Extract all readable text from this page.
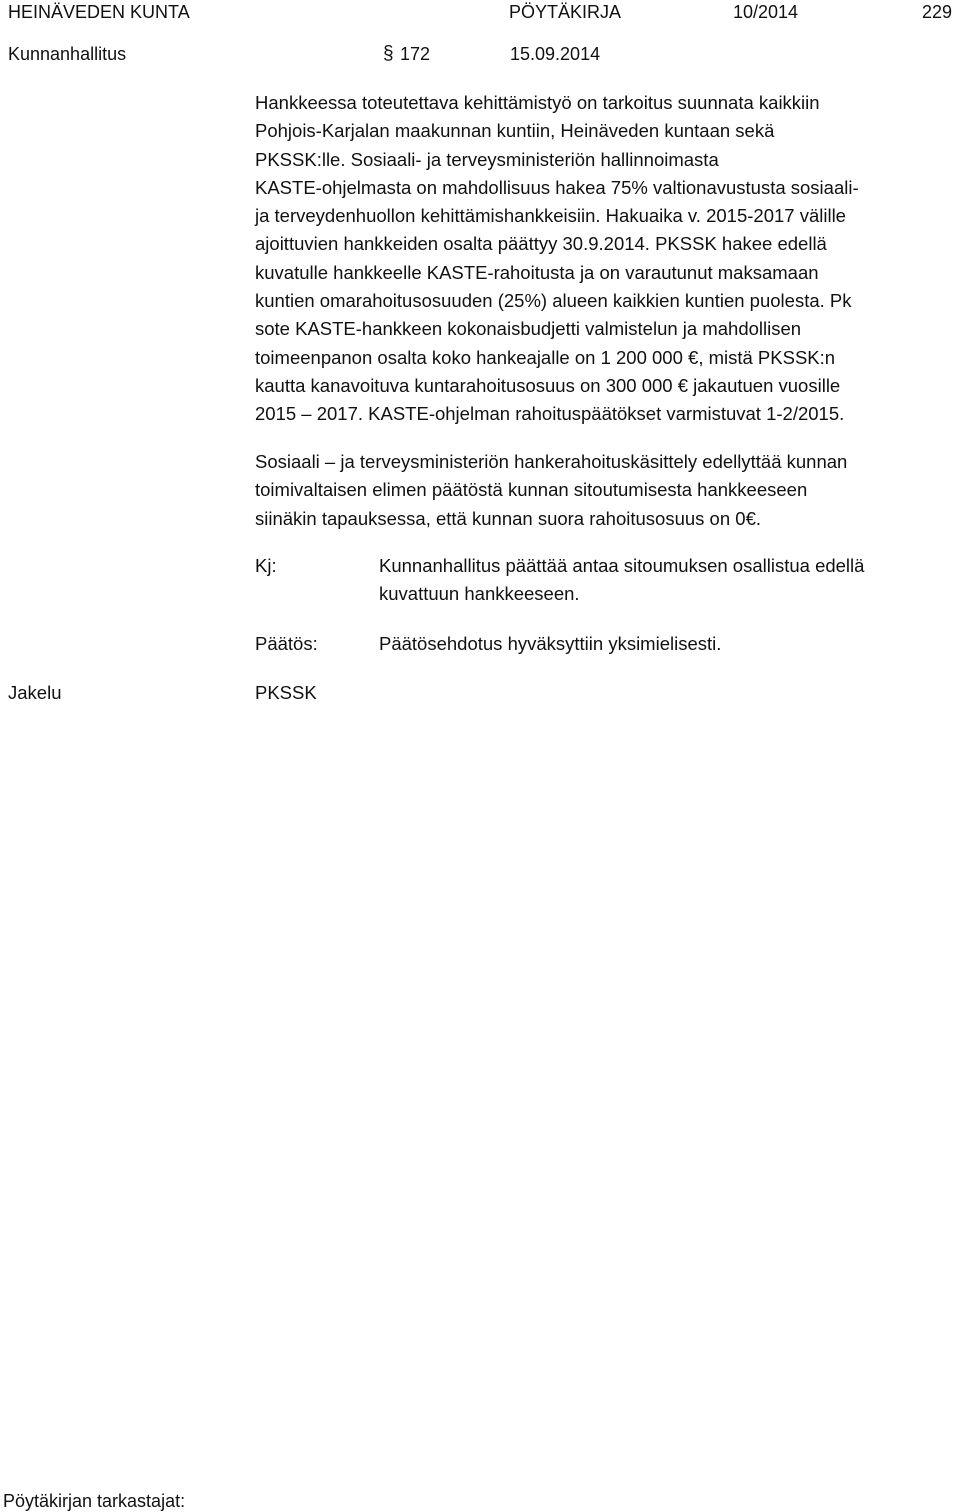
HEINÄVEDEN KUNTA	PÖYTÄKIRJA	10/2014	229
Kunnanhallitus	§ 172	15.09.2014
Hankkeessa toteutettava kehittämistyö on tarkoitus suunnata kaikkiin
Pohjois-Karjalan maakunnan kuntiin, Heinäveden kuntaan sekä
PKSSK:lle. Sosiaali- ja terveysministeriön hallinnoimasta
KASTE-ohjelmasta on mahdollisuus hakea 75% valtionavustusta sosiaali-
ja terveydenhuollon kehittämishankkeisiin. Hakuaika v. 2015-2017 välille
ajoittuvien hankkeiden osalta päättyy 30.9.2014. PKSSK hakee edellä
kuvatulle hankkeelle KASTE-rahoitusta ja on varautunut maksamaan
kuntien omarahoitusosuuden (25%) alueen kaikkien kuntien puolesta. Pk
sote KASTE-hankkeen kokonaisbudjetti valmistelun ja mahdollisen
toimeenpanon osalta koko hankeajalle on 1 200 000 €, mistä PKSSK:n
kautta kanavoituva kuntarahoitusosuus on 300 000 € jakautuen vuosille
2015 – 2017. KASTE-ohjelman rahoituspäätökset varmistuvat 1-2/2015.
Sosiaali – ja terveysministeriön hankerahoituskäsittely edellyttää kunnan
toimivaltaisen elimen päätöstä kunnan sitoutumisesta hankkeeseen
siinäkin tapauksessa, että kunnan suora rahoitusosuus on 0€.
Kj:	Kunnanhallitus päättää antaa sitoumuksen osallistua edellä
kuvattuun hankkeeseen.
Päätös:	Päätösehdotus hyväksyttiin yksimielisesti.
Jakelu	PKSSK
Pöytäkirjan tarkastajat:
